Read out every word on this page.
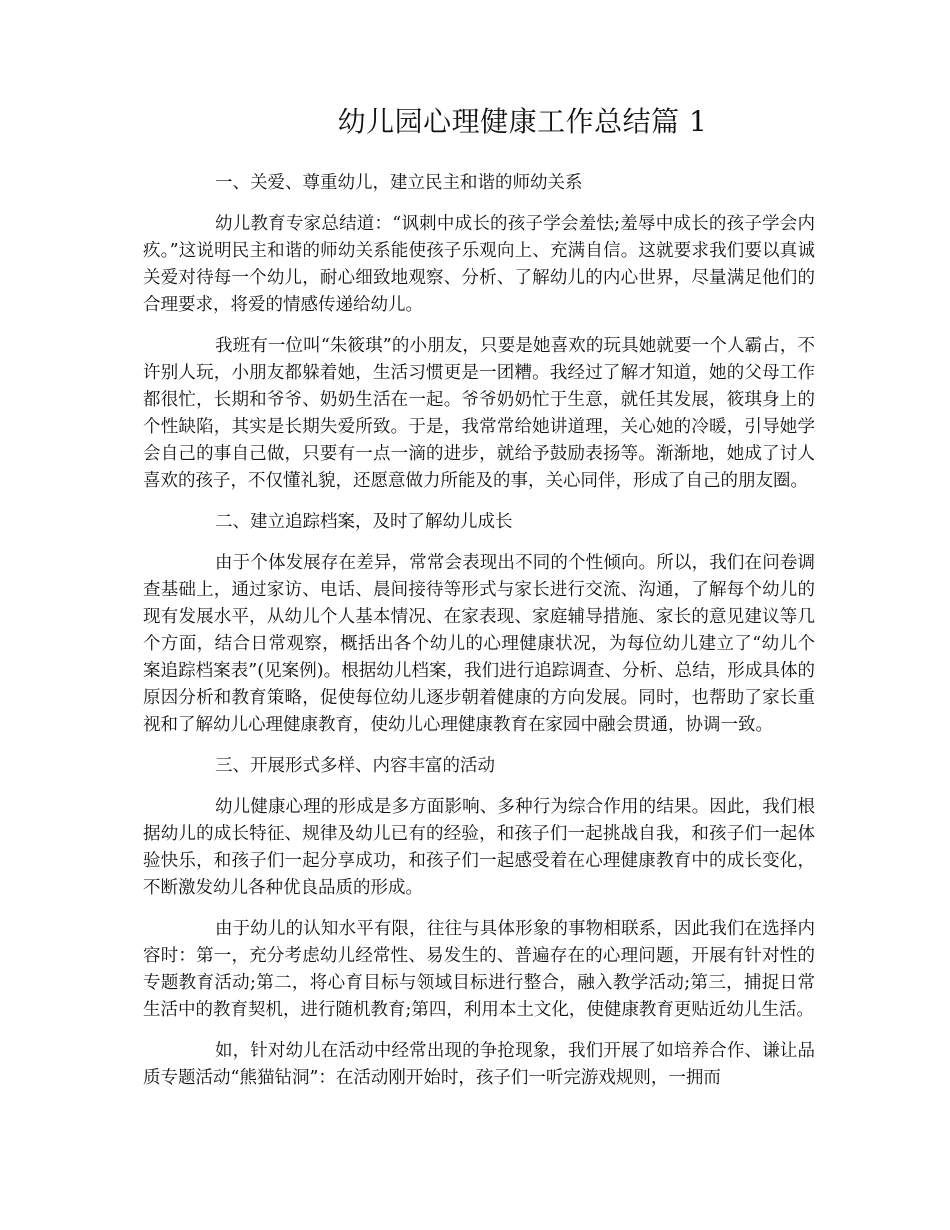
幼儿园心理健康工作总结篇 1

一、关爱、尊重幼儿，建立民主和谐的师幼关系

幼儿教育专家总结道：“讽刺中成长的孩子学会羞怯;羞辱中成长的孩子学会内疚。”这说明民主和谐的师幼关系能使孩子乐观向上、充满自信。这就要求我们要以真诚关爱对待每一个幼儿，耐心细致地观察、分析、了解幼儿的内心世界，尽量满足他们的合理要求，将爱的情感传递给幼儿。

我班有一位叫“朱筱琪”的小朋友，只要是她喜欢的玩具她就要一个人霸占，不许别人玩，小朋友都躲着她，生活习惯更是一团糟。我经过了解才知道，她的父母工作都很忙，长期和爷爷、奶奶生活在一起。爷爷奶奶忙于生意，就任其发展，筱琪身上的个性缺陷，其实是长期失爱所致。于是，我常常给她讲道理，关心她的冷暖，引导她学会自己的事自己做，只要有一点一滴的进步，就给予鼓励表扬等。渐渐地，她成了讨人喜欢的孩子，不仅懂礼貌，还愿意做力所能及的事，关心同伴，形成了自己的朋友圈。

二、建立追踪档案，及时了解幼儿成长

由于个体发展存在差异，常常会表现出不同的个性倾向。所以，我们在问卷调查基础上，通过家访、电话、晨间接待等形式与家长进行交流、沟通，了解每个幼儿的现有发展水平，从幼儿个人基本情况、在家表现、家庭辅导措施、家长的意见建议等几个方面，结合日常观察，概括出各个幼儿的心理健康状况，为每位幼儿建立了“幼儿个案追踪档案表”(见案例)。根据幼儿档案，我们进行追踪调查、分析、总结，形成具体的原因分析和教育策略，促使每位幼儿逐步朝着健康的方向发展。同时，也帮助了家长重视和了解幼儿心理健康教育，使幼儿心理健康教育在家园中融会贯通，协调一致。

三、开展形式多样、内容丰富的活动

幼儿健康心理的形成是多方面影响、多种行为综合作用的结果。因此，我们根据幼儿的成长特征、规律及幼儿已有的经验，和孩子们一起挑战自我，和孩子们一起体验快乐，和孩子们一起分享成功，和孩子们一起感受着在心理健康教育中的成长变化，不断激发幼儿各种优良品质的形成。

由于幼儿的认知水平有限，往往与具体形象的事物相联系，因此我们在选择内容时：第一，充分考虑幼儿经常性、易发生的、普遍存在的心理问题，开展有针对性的专题教育活动;第二，将心育目标与领域目标进行整合，融入教学活动;第三，捕捉日常生活中的教育契机，进行随机教育;第四，利用本土文化，使健康教育更贴近幼儿生活。

如，针对幼儿在活动中经常出现的争抢现象，我们开展了如培养合作、谦让品质专题活动“熊猫钻洞”：在活动刚开始时，孩子们一听完游戏规则，一拥而
